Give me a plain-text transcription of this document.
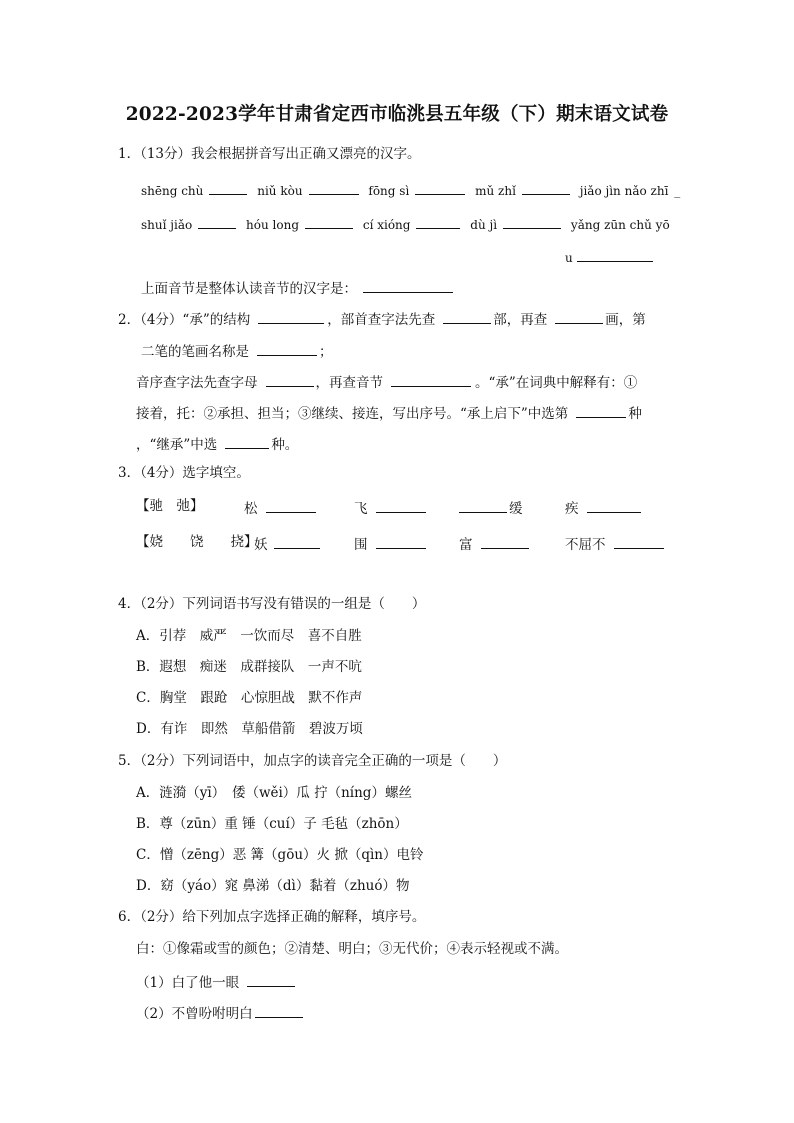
2022-2023学年甘肃省定西市临洮县五年级（下）期末语文试卷
1．（13分）我会根据拼音写出正确又漂亮的汉字。
shēng chù	niǔ kòu	fōng sì	mǔ zhǐ	jiǎo jìn nǎo zhī _
shuǐ jiǎo	hóu long	cí xióng	dù jì	yǎng zūn chǔ yō
u
上面音节是整体认读音节的汉字是：
2．（4分）“承”的结构	，部首查字法先查	部，再查	画，第
二笔的笔画名称是	；
音序查字法先查字母	，再查音节	。“承”在词典中解释有：①
接着，托：②承担、担当；③继续、接连，写出序号。“承上启下”中选第	种
，“继承”中选	种。
3．（4分）选字填空。
【驰　弛】	松	飞	缓	疾
【娆　　饶　　挠】
妖	围	富	不屈不
4．（2分）下列词语书写没有错误的一组是（　　）
A．引荐　威严　一饮而尽　喜不自胜
B．遐想　痴迷　成群接队　一声不吭
C．胸堂　跟跄　心惊胆战　默不作声
D．有诈　即然　草船借箭　碧波万顷
5．（2分）下列词语中，加点字的读音完全正确的一项是（　　）
A．涟漪（yī）　倭（wěi）瓜 拧（níng）螺丝
B．尊（zūn）重 锤（cuí）子 毛毡（zhōn）
C．憎（zēng）恶 篝（gōu）火 掀（qìn）电铃
D．窈（yáo）窕 鼻涕（dì）黏着（zhuó）物
6．（2分）给下列加点字选择正确的解释，填序号。
白：①像霜或雪的颜色；②清楚、明白；③无代价；④表示轻视或不满。
（1）白了他一眼
（2）不曾吩咐明白
